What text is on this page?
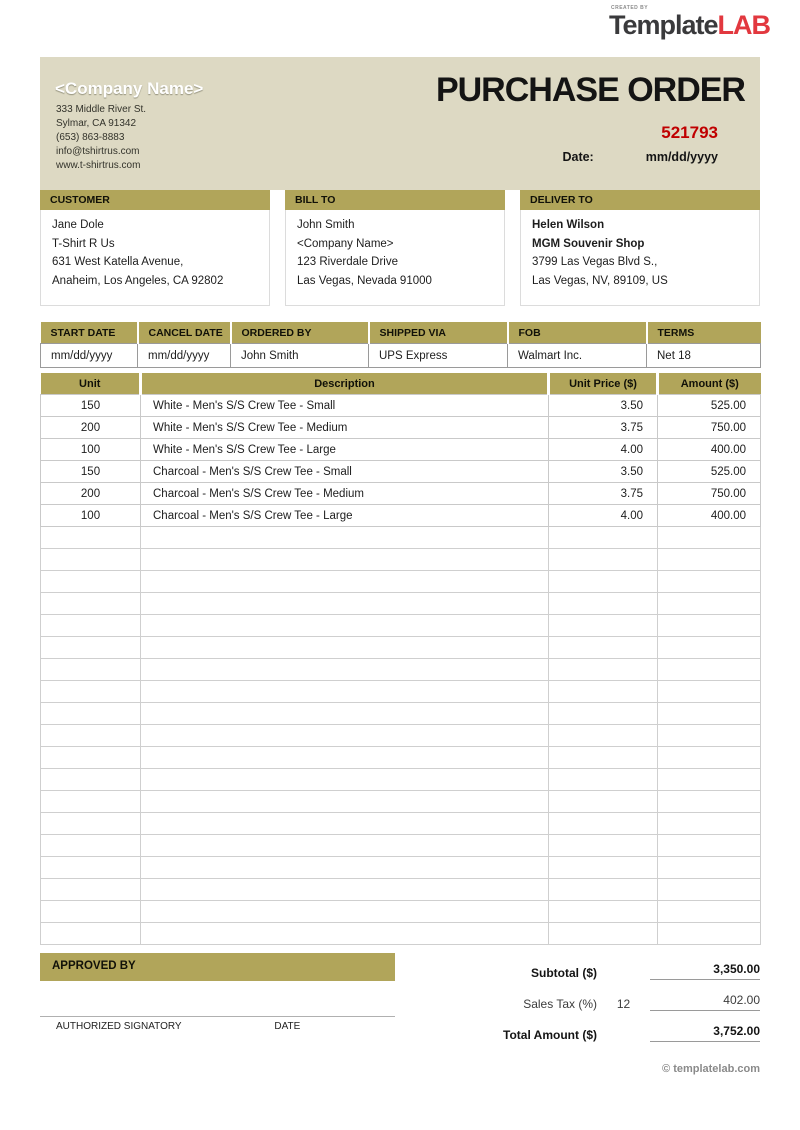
CREATED BY
TemplateLAB
<Company Name>
333 Middle River St.
Sylmar, CA 91342
(653) 863-8883
info@tshirtrus.com
www.t-shirtrus.com
PURCHASE ORDER
521793
Date:	mm/dd/yyyy
CUSTOMER
Jane Dole
T-Shirt R Us
631 West Katella Avenue,
Anaheim, Los Angeles, CA 92802
BILL TO
John Smith
<Company Name>
123 Riverdale Drive
Las Vegas, Nevada 91000
DELIVER TO
Helen Wilson
MGM Souvenir Shop
3799 Las Vegas Blvd S.,
Las Vegas, NV, 89109, US
START DATE	CANCEL DATE	ORDERED BY	SHIPPED VIA	FOB	TERMS
mm/dd/yyyy	mm/dd/yyyy	John Smith	UPS Express	Walmart Inc.	Net 18
Unit	Description	Unit Price ($)	Amount ($)
150	White - Men's S/S Crew Tee - Small	3.50	525.00
200	White - Men's S/S Crew Tee - Medium	3.75	750.00
100	White - Men's S/S Crew Tee - Large	4.00	400.00
150	Charcoal - Men's S/S Crew Tee - Small	3.50	525.00
200	Charcoal - Men's S/S Crew Tee - Medium	3.75	750.00
100	Charcoal - Men's S/S Crew Tee - Large	4.00	400.00

APPROVED BY
AUTHORIZED SIGNATORY	DATE
Subtotal ($)	3,350.00
Sales Tax (%)	12	402.00
Total Amount ($)	3,752.00
© templatelab.com
